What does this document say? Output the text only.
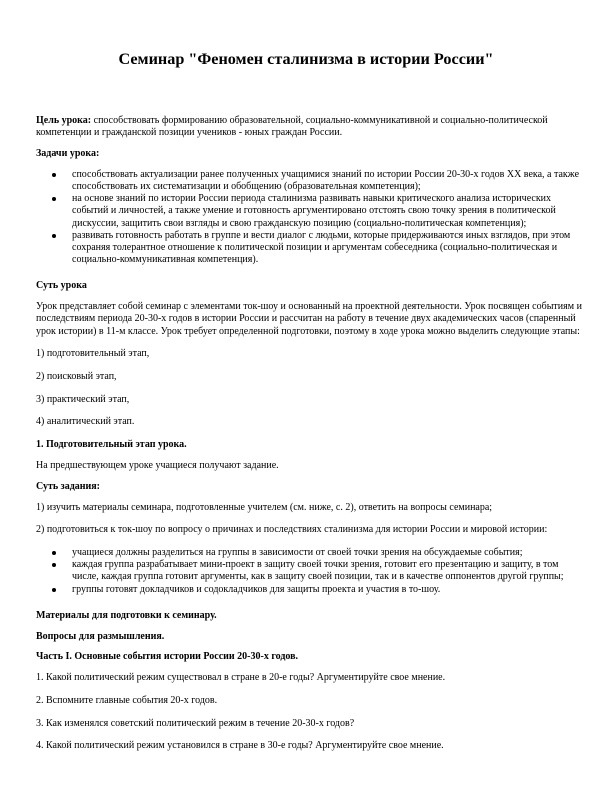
Семинар "Феномен сталинизма в истории России"

Цель урока: способствовать формированию образовательной, социально-коммуникативной и социально-политической компетенции и гражданской позиции учеников - юных граждан России.

Задачи урока:

способствовать актуализации ранее полученных учащимися знаний по истории России 20-30-х годов ХХ века, а также способствовать их систематизации и обобщению (образовательная компетенция);
на основе знаний по истории России периода сталинизма развивать навыки критического анализа исторических событий и личностей, а также умение и готовность аргументировано отстоять свою точку зрения в политической дискуссии, защитить свои взгляды и свою гражданскую позицию (социально-политическая компетенция);
развивать готовность работать в группе и вести диалог с людьми, которые придерживаются иных взглядов, при этом сохраняя толерантное отношение к политической позиции и аргументам собеседника (социально-политическая и социально-коммуникативная компетенция).

Суть урока

Урок представляет собой семинар с элементами ток-шоу и основанный на проектной деятельности. Урок посвящен событиям и последствиям периода 20-30-х годов в истории России и рассчитан на работу в течение двух академических часов (спаренный урок истории) в 11-м классе. Урок требует определенной подготовки, поэтому в ходе урока можно выделить следующие этапы:

1) подготовительный этап,

2) поисковый этап,

3) практический этап,

4) аналитический этап.

1. Подготовительный этап урока.

На предшествующем уроке учащиеся получают задание.

Суть задания:

1) изучить материалы семинара, подготовленные учителем (см. ниже, с. 2), ответить на вопросы семинара;

2) подготовиться к ток-шоу по вопросу о причинах и последствиях сталинизма для истории России и мировой истории:

учащиеся должны разделиться на группы в зависимости от своей точки зрения на обсуждаемые события;
каждая группа разрабатывает мини-проект в защиту своей точки зрения, готовит его презентацию и защиту, в том числе, каждая группа готовит аргументы, как в защиту своей позиции, так и в качестве оппонентов другой группы;
группы готовят докладчиков и содокладчиков для защиты проекта и участия в то-шоу.

Материалы для подготовки к семинару.

Вопросы для размышления.

Часть I. Основные события истории России 20-30-х годов.

1. Какой политический режим существовал в стране в 20-е годы? Аргументируйте свое мнение.

2. Вспомните главные события 20-х годов.

3. Как изменялся советский политический режим в течение 20-30-х годов?

4. Какой политический режим установился в стране в 30-е годы? Аргументируйте свое мнение.
